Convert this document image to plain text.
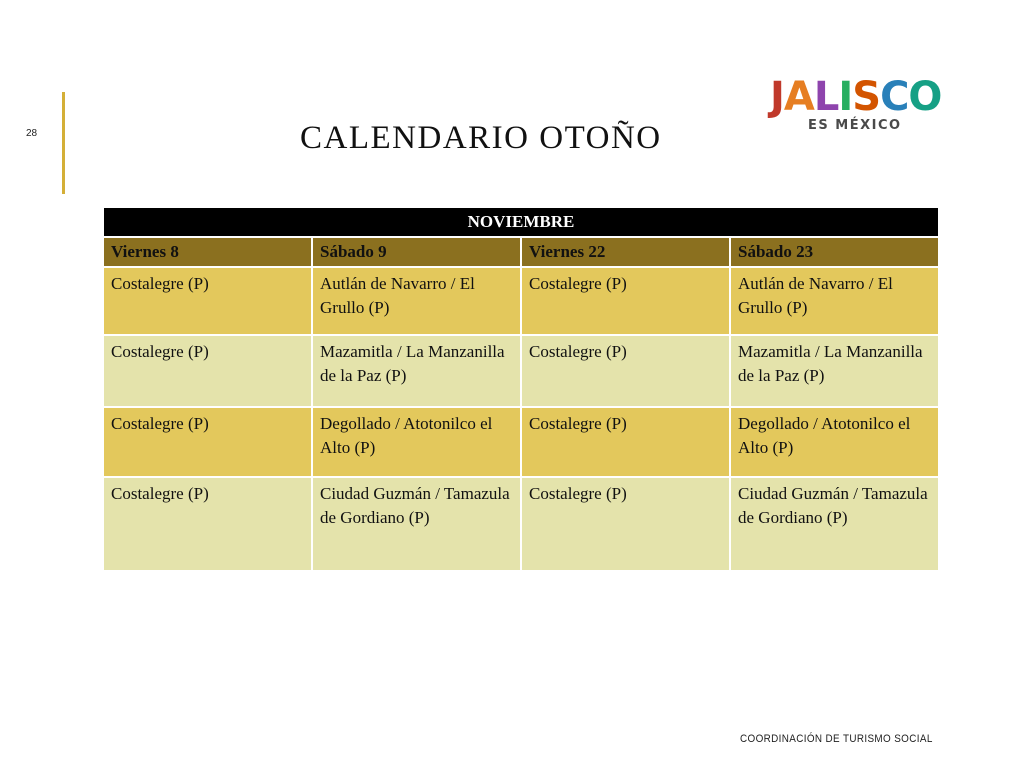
28	CALENDARIO OTOÑO
J A L I S C O
ES MÉXICO
NOVIEMBRE			
Viernes 8	Sábado 9	Viernes 22	Sábado 23
Costalegre (P)	Autlán de Navarro / El Grullo (P)	Costalegre (P)	Autlán de Navarro / El Grullo (P)
Costalegre (P)	Mazamitla / La Manzanilla de la Paz (P)	Costalegre (P)	Mazamitla / La Manzanilla de la Paz (P)
Costalegre (P)	Degollado / Atotonilco el Alto (P)	Costalegre (P)	Degollado / Atotonilco el Alto (P)
Costalegre (P)	Ciudad Guzmán / Tamazula de Gordiano (P)	Costalegre (P)	Ciudad Guzmán / Tamazula de Gordiano (P)
COORDINACIÓN DE TURISMO SOCIAL
